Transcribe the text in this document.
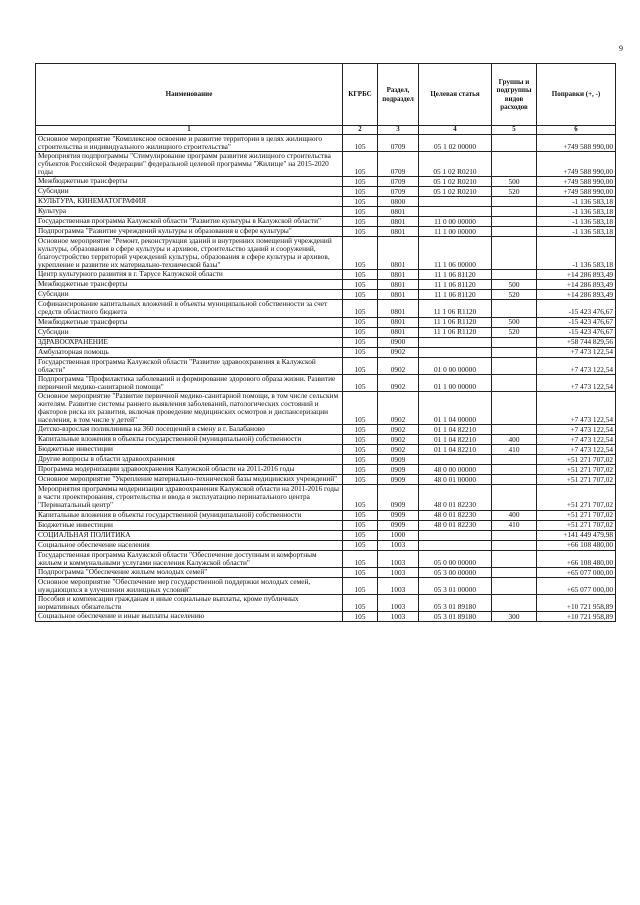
9
Наименование	КГРБС	Раздел, подраздел	Целевая статья	Группы и подгруппы видов расходов	Поправки (+, -)
1	2	3	4	5	6
Основное мероприятие "Комплексное освоение и развитие территории в целях жилищного строительства и индивидуального жилищного строительства"	105	0709	05 1 02 00000		+749 588 990,00
Мероприятия подпрограммы "Стимулирование программ развития жилищного строительства субъектов Российской Федерации" федеральной целевой программы "Жилище" на 2015-2020 годы	105	0709	05 1 02 R0210		+749 588 990,00
Межбюджетные трансферты	105	0709	05 1 02 R0210	500	+749 588 990,00
Субсидии	105	0709	05 1 02 R0210	520	+749 588 990,00
КУЛЬТУРА, КИНЕМАТОГРАФИЯ	105	0800			-1 136 583,18
Культура	105	0801			-1 136 583,18
Государственная программа Калужской области "Развитие культуры в Калужской области"	105	0801	11 0 00 00000		-1 136 583,18
Подпрограмма "Развитие учреждений культуры и образования в сфере культуры"	105	0801	11 1 00 00000		-1 136 583,18
Основное мероприятие "Ремонт, реконструкция зданий и внутренних помещений учреждений культуры, образования в сфере культуры и архивов, строительство зданий и сооружений, благоустройство территорий учреждений культуры, образования в сфере культуры и архивов, укрепление и развитие их материально-технической базы"	105	0801	11 1 06 00000		-1 136 583,18
Центр культурного развития в г. Тарусе Калужской области	105	0801	11 1 06 81120		+14 286 893,49
Межбюджетные трансферты	105	0801	11 1 06 81120	500	+14 286 893,49
Субсидии	105	0801	11 1 06 81120	520	+14 286 893,49
Софинансирование капитальных вложений в объекты муниципальной собственности за счет средств областного бюджета	105	0801	11 1 06 R1120		-15 423 476,67
Межбюджетные трансферты	105	0801	11 1 06 R1120	500	-15 423 476,67
Субсидии	105	0801	11 1 06 R1120	520	-15 423 476,67
ЗДРАВООХРАНЕНИЕ	105	0900			+58 744 829,56
Амбулаторная помощь	105	0902			+7 473 122,54
Государственная программа Калужской области "Развитие здравоохранения в Калужской области"	105	0902	01 0 00 00000		+7 473 122,54
Подпрограмма "Профилактика заболеваний и формирование здорового образа жизни. Развитие первичной медико-санитарной помощи"	105	0902	01 1 00 00000		+7 473 122,54
Основное мероприятие "Развитие первичной медико-санитарной помощи, в том числе сельским жителям. Развитие системы раннего выявления заболеваний, патологических состояний и факторов риска их развития, включая проведение медицинских осмотров и диспансеризации населения, в том числе у детей"	105	0902	01 1 04 00000		+7 473 122,54
Детско-взрослая поликлиника на 360 посещений в смену в г. Балабаново	105	0902	01 1 04 82210		+7 473 122,54
Капитальные вложения в объекты государственной (муниципальной) собственности	105	0902	01 1 04 82210	400	+7 473 122,54
Бюджетные инвестиции	105	0902	01 1 04 82210	410	+7 473 122,54
Другие вопросы в области здравоохранения	105	0909			+51 271 707,02
Программа модернизации здравоохранения Калужской области на 2011-2016 годы	105	0909	48 0 00 00000		+51 271 707,02
Основное мероприятие "Укрепление материально-технической базы медицинских учреждений"	105	0909	48 0 01 00000		+51 271 707,02
Мероприятия программы модернизации здравоохранения Калужской области на 2011-2016 годы в части проектирования, строительства и ввода в эксплуатацию перинатального центра "Перинатальный центр"	105	0909	48 0 01 82230		+51 271 707,02
Капитальные вложения в объекты государственной (муниципальной) собственности	105	0909	48 0 01 82230	400	+51 271 707,02
Бюджетные инвестиции	105	0909	48 0 01 82230	410	+51 271 707,02
СОЦИАЛЬНАЯ ПОЛИТИКА	105	1000			+141 449 479,98
Социальное обеспечение населения	105	1003			+66 108 480,00
Государственная программа Калужской области "Обеспечение доступным и комфортным жильем и коммунальными услугами населения Калужской области"	105	1003	05 0 00 00000		+66 108 480,00
Подпрограмма "Обеспечение жильем молодых семей"	105	1003	05 3 00 00000		+65 077 000,00
Основное мероприятие "Обеспечение мер государственной поддержки молодых семей, нуждающихся в улучшении жилищных условий"	105	1003	05 3 01 00000		+65 077 000,00
Пособия и компенсации гражданам и иные социальные выплаты, кроме публичных нормативных обязательств	105	1003	05 3 01 89180		+10 721 958,89
Социальное обеспечение и иные выплаты населению	105	1003	05 3 01 89180	300	+10 721 958,89
